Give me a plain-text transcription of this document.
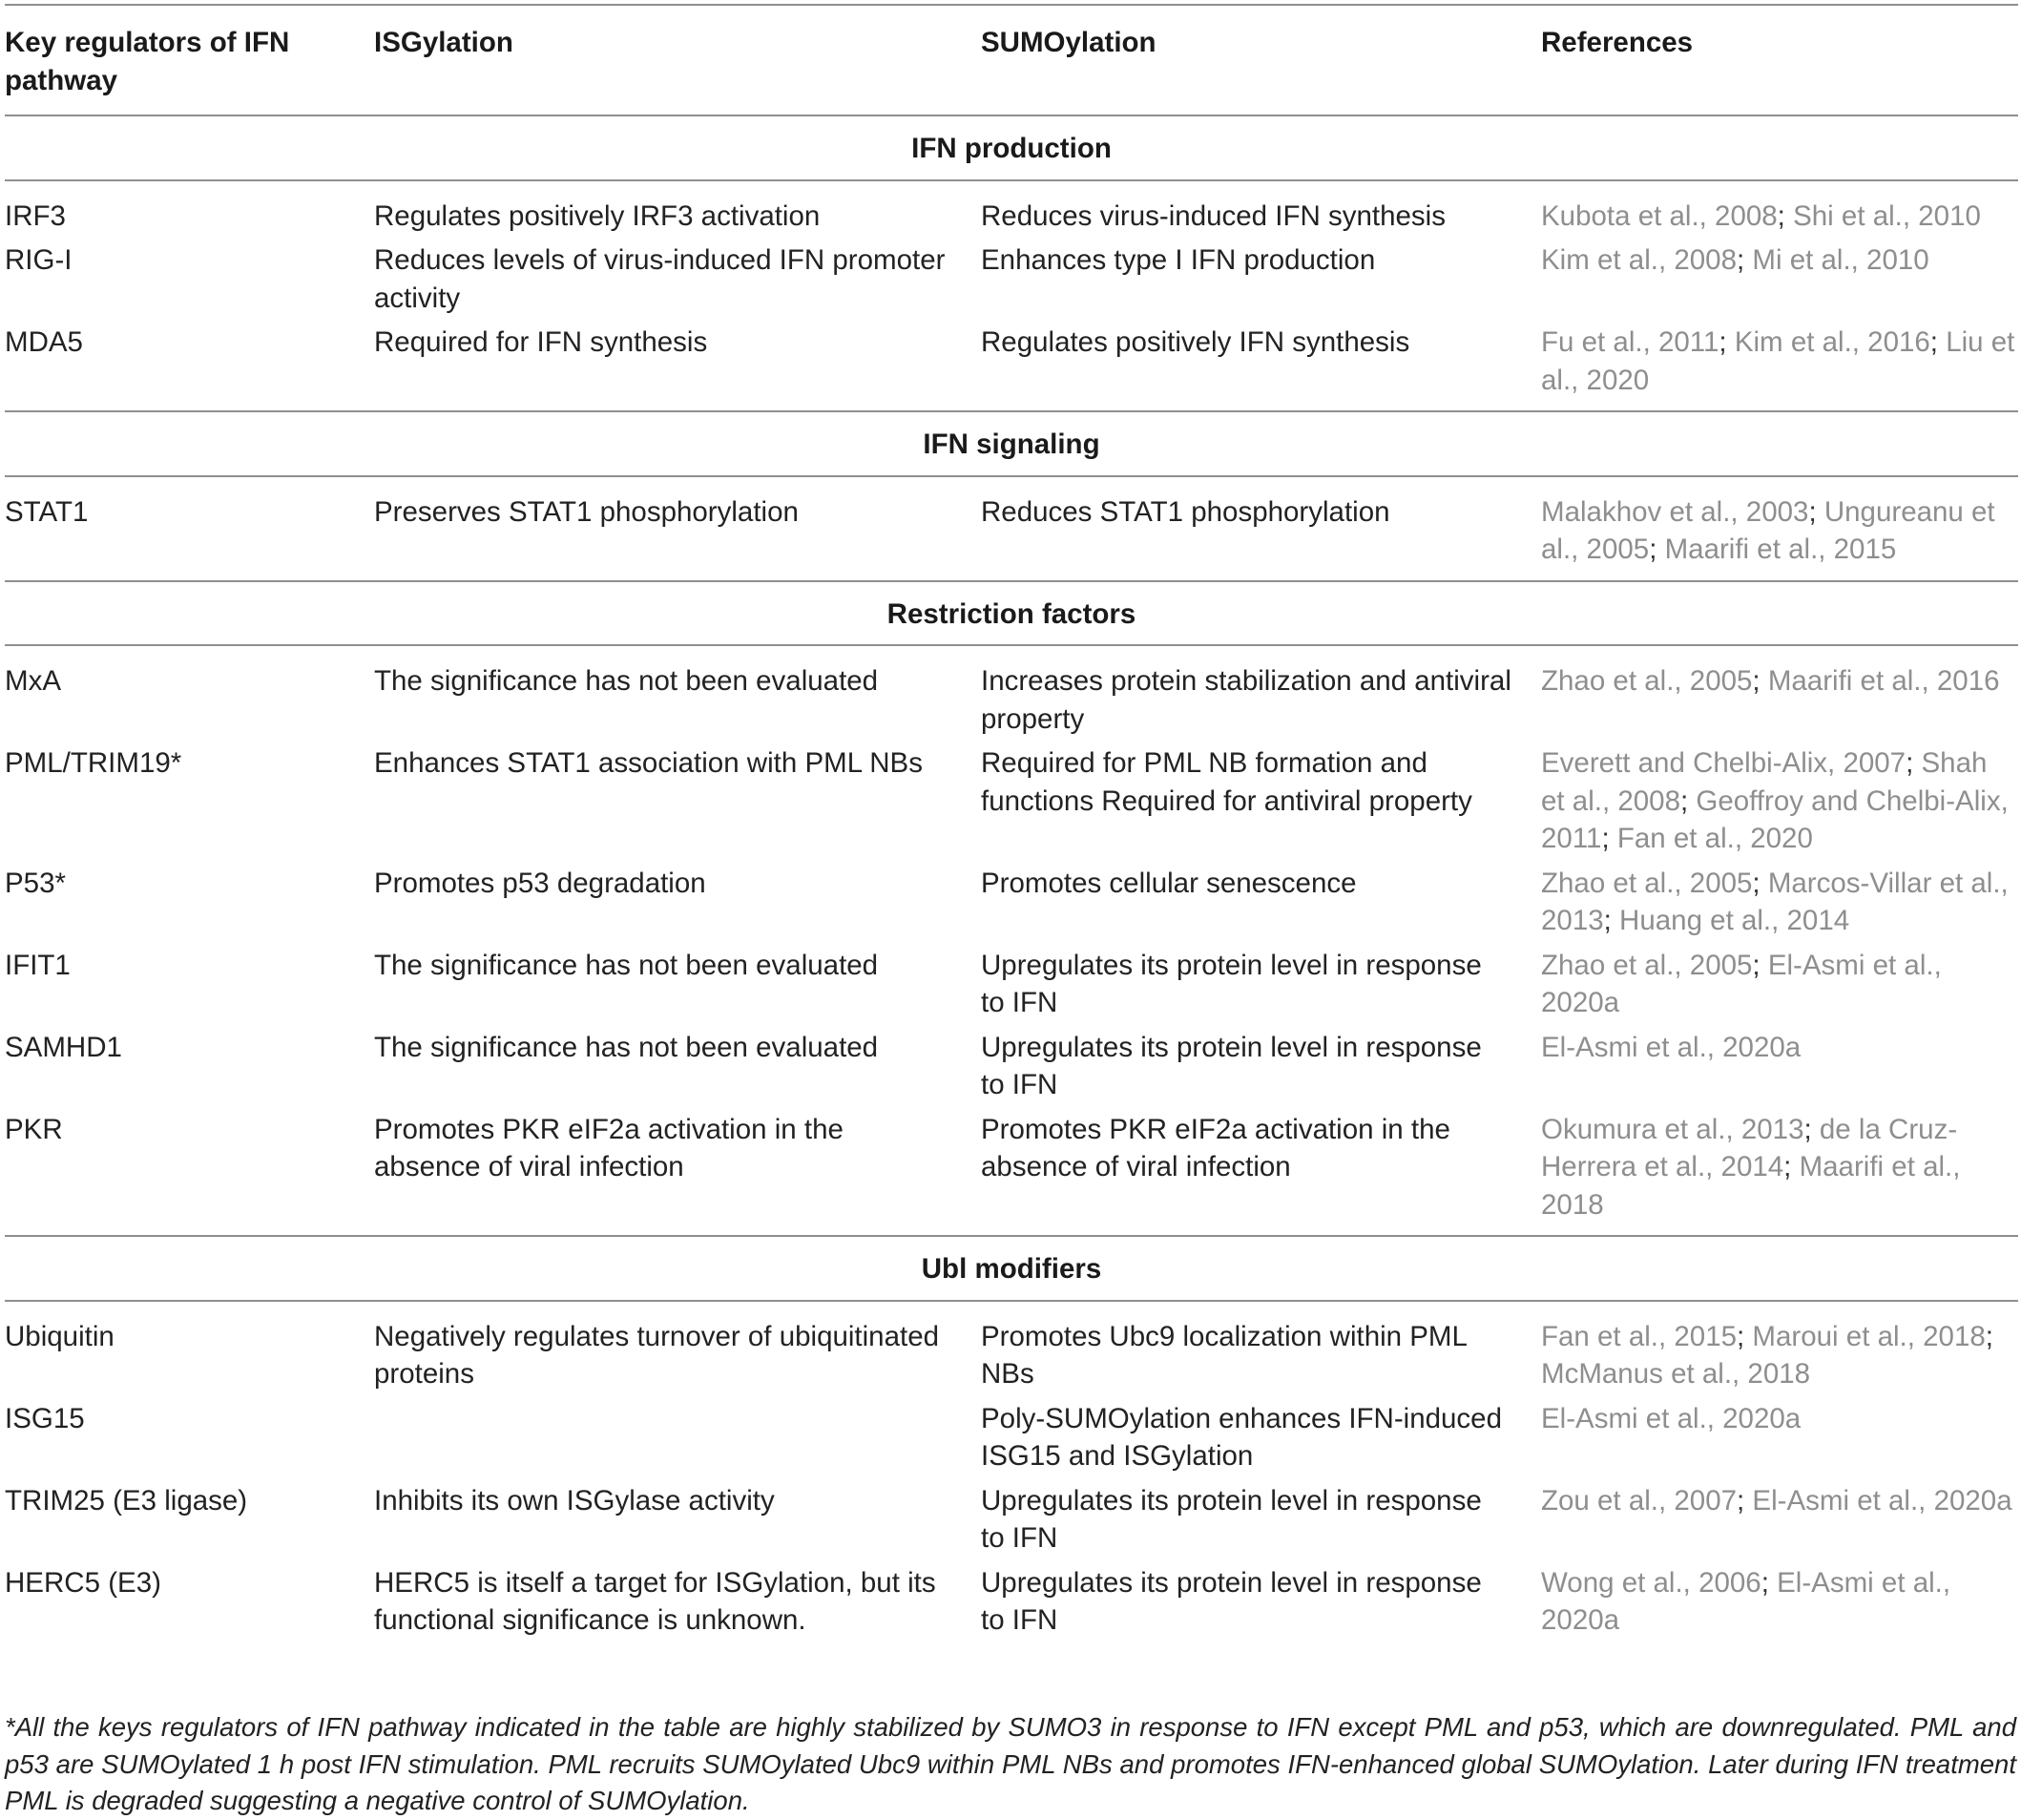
Key regulators of IFN pathway	ISGylation	SUMOylation	References
IFN production			
IRF3	Regulates positively IRF3 activation	Reduces virus-induced IFN synthesis	Kubota et al., 2008; Shi et al., 2010
RIG-I	Reduces levels of virus-induced IFN promoter activity	Enhances type I IFN production	Kim et al., 2008; Mi et al., 2010
MDA5	Required for IFN synthesis	Regulates positively IFN synthesis	Fu et al., 2011; Kim et al., 2016; Liu et al., 2020

IFN signaling			
STAT1	Preserves STAT1 phosphorylation	Reduces STAT1 phosphorylation	Malakhov et al., 2003; Ungureanu et al., 2005; Maarifi et al., 2015

Restriction factors			
MxA	The significance has not been evaluated	Increases protein stabilization and antiviral property	Zhao et al., 2005; Maarifi et al., 2016
PML/TRIM19*	Enhances STAT1 association with PML NBs	Required for PML NB formation and functions Required for antiviral property	Everett and Chelbi-Alix, 2007; Shah et al., 2008; Geoffroy and Chelbi-Alix, 2011; Fan et al., 2020
P53*	Promotes p53 degradation	Promotes cellular senescence	Zhao et al., 2005; Marcos-Villar et al., 2013; Huang et al., 2014
IFIT1	The significance has not been evaluated	Upregulates its protein level in response to IFN	Zhao et al., 2005; El-Asmi et al., 2020a
SAMHD1	The significance has not been evaluated	Upregulates its protein level in response to IFN	El-Asmi et al., 2020a
PKR	Promotes PKR eIF2a activation in the absence of viral infection	Promotes PKR eIF2a activation in the absence of viral infection	Okumura et al., 2013; de la Cruz-Herrera et al., 2014; Maarifi et al., 2018

Ubl modifiers			
Ubiquitin	Negatively regulates turnover of ubiquitinated proteins	Promotes Ubc9 localization within PML NBs	Fan et al., 2015; Maroui et al., 2018; McManus et al., 2018
ISG15		Poly-SUMOylation enhances IFN-induced ISG15 and ISGylation	El-Asmi et al., 2020a
TRIM25 (E3 ligase)	Inhibits its own ISGylase activity	Upregulates its protein level in response to IFN	Zou et al., 2007; El-Asmi et al., 2020a
HERC5 (E3)	HERC5 is itself a target for ISGylation, but its functional significance is unknown.	Upregulates its protein level in response to IFN	Wong et al., 2006; El-Asmi et al., 2020a
*All the keys regulators of IFN pathway indicated in the table are highly stabilized by SUMO3 in response to IFN except PML and p53, which are downregulated. PML and p53 are SUMOylated 1 h post IFN stimulation. PML recruits SUMOylated Ubc9 within PML NBs and promotes IFN-enhanced global SUMOylation. Later during IFN treatment PML is degraded suggesting a negative control of SUMOylation.
